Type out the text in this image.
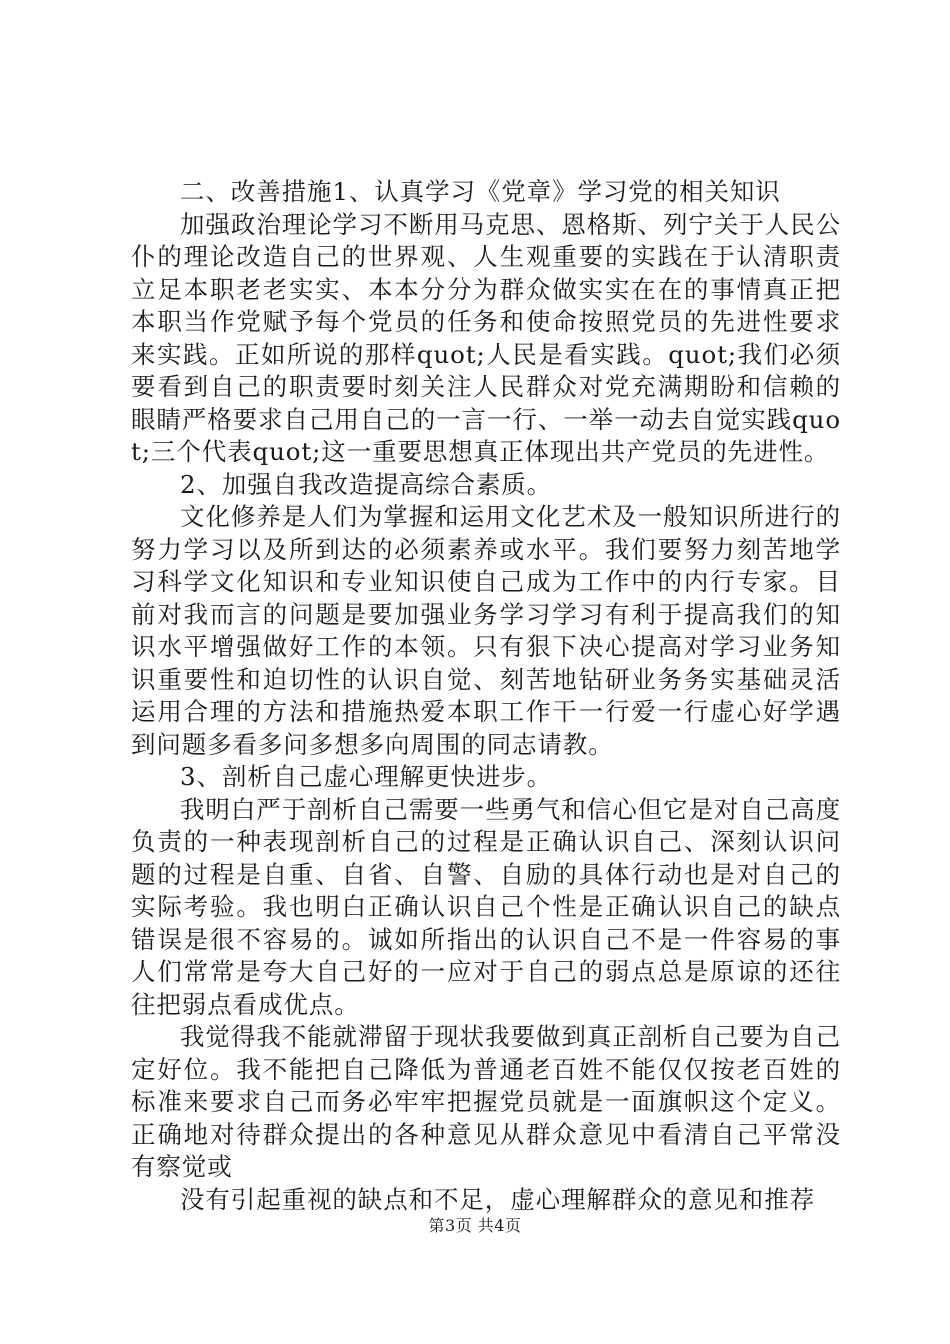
二、改善措施1、认真学习《党章》学习党的相关知识

加强政治理论学习不断用马克思、恩格斯、列宁关于人民公仆的理论改造自己的世界观、人生观重要的实践在于认清职责立足本职老老实实、本本分分为群众做实实在在的事情真正把本职当作党赋予每个党员的任务和使命按照党员的先进性要求来实践。正如所说的那样quot;人民是看实践。quot;我们必须要看到自己的职责要时刻关注人民群众对党充满期盼和信赖的眼睛严格要求自己用自己的一言一行、一举一动去自觉实践quot;三个代表quot;这一重要思想真正体现出共产党员的先进性。

2、加强自我改造提高综合素质。

文化修养是人们为掌握和运用文化艺术及一般知识所进行的努力学习以及所到达的必须素养或水平。我们要努力刻苦地学习科学文化知识和专业知识使自己成为工作中的内行专家。目前对我而言的问题是要加强业务学习学习有利于提高我们的知识水平增强做好工作的本领。只有狠下决心提高对学习业务知识重要性和迫切性的认识自觉、刻苦地钻研业务务实基础灵活运用合理的方法和措施热爱本职工作干一行爱一行虚心好学遇到问题多看多问多想多向周围的同志请教。

3、剖析自己虚心理解更快进步。

我明白严于剖析自己需要一些勇气和信心但它是对自己高度负责的一种表现剖析自己的过程是正确认识自己、深刻认识问题的过程是自重、自省、自警、自励的具体行动也是对自己的实际考验。我也明白正确认识自己个性是正确认识自己的缺点错误是很不容易的。诚如所指出的认识自己不是一件容易的事人们常常是夸大自己好的一应对于自己的弱点总是原谅的还往往把弱点看成优点。

我觉得我不能就滞留于现状我要做到真正剖析自己要为自己定好位。我不能把自己降低为普通老百姓不能仅仅按老百姓的标准来要求自己而务必牢牢把握党员就是一面旗帜这个定义。正确地对待群众提出的各种意见从群众意见中看清自己平常没有察觉或

没有引起重视的缺点和不足，虚心理解群众的意见和推荐

第3页 共4页
